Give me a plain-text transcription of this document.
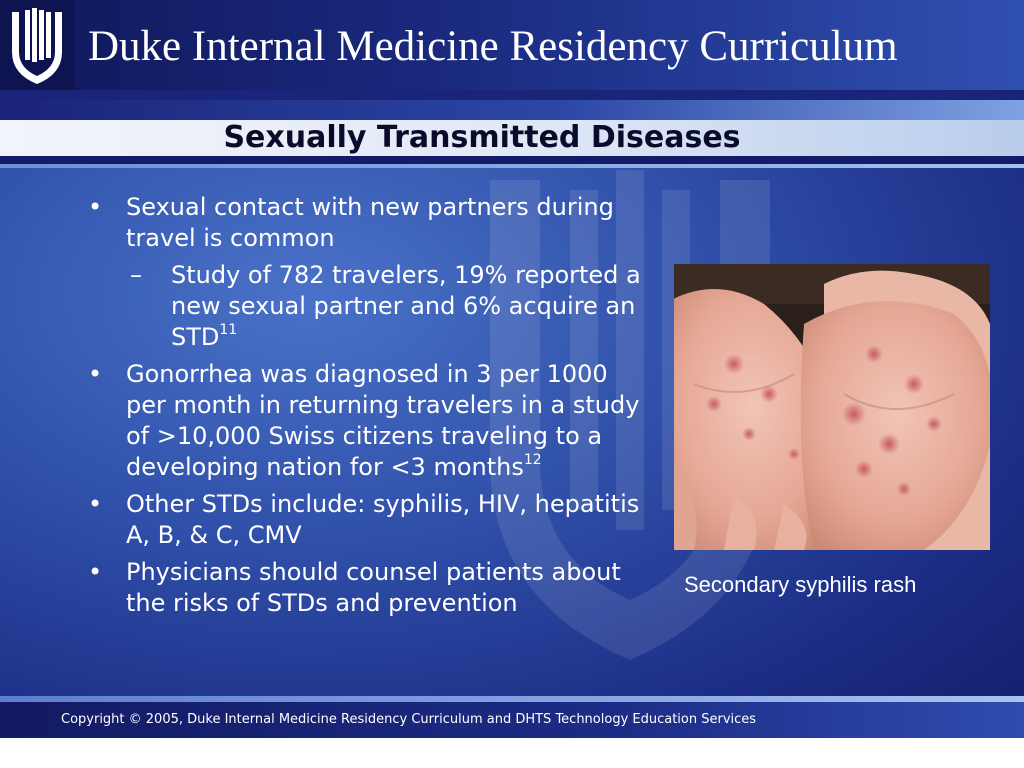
Duke Internal Medicine Residency Curriculum
Sexually Transmitted Diseases
• Sexual contact with new partners during travel is common
– Study of 782 travelers, 19% reported a new sexual partner and 6% acquire an STD$^{11}$
• Gonorrhea was diagnosed in 3 per 1000 per month in returning travelers in a study of >10,000 Swiss citizens traveling to a developing nation for <3 months$^{12}$
• Other STDs include: syphilis, HIV, hepatitis A, B, & C, CMV
• Physicians should counsel patients about the risks of STDs and prevention

Secondary syphilis rash

Copyright © 2005, Duke Internal Medicine Residency Curriculum and DHTS Technology Education Services
